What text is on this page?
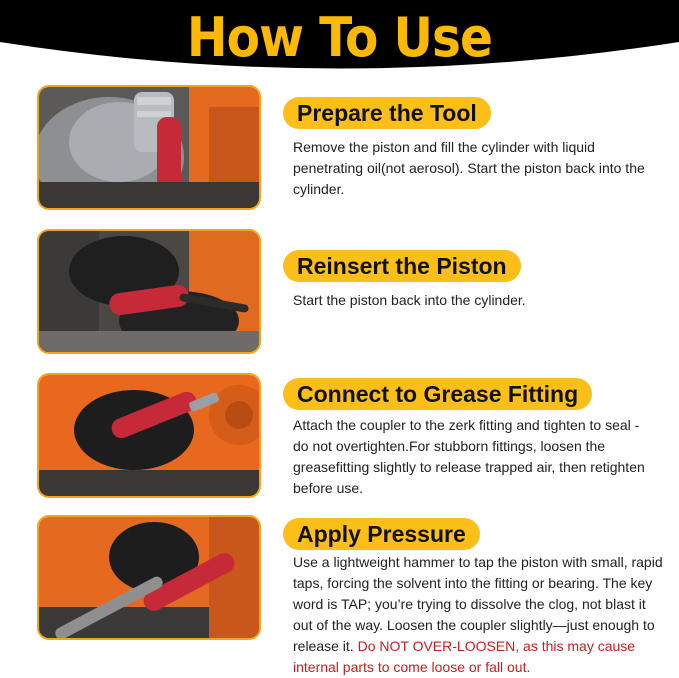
How To Use
Prepare the Tool
Remove the piston and fill the cylinder with liquid penetrating oil(not aerosol). Start the piston back into the cylinder.
Reinsert the Piston
Start the piston back into the cylinder.
Connect to Grease Fitting
Attach the coupler to the zerk fitting and tighten to seal -do not overtighten.For stubborn fittings, loosen the greasefitting slightly to release trapped air, then retighten before use.
Apply Pressure
Use a lightweight hammer to tap the piston with small, rapid taps, forcing the solvent into the fitting or bearing. The key word is TAP; you’re trying to dissolve the clog, not blast it out of the way. Loosen the coupler slightly—just enough to release it. Do NOT OVER-LOOSEN, as this may cause internal parts to come loose or fall out.
